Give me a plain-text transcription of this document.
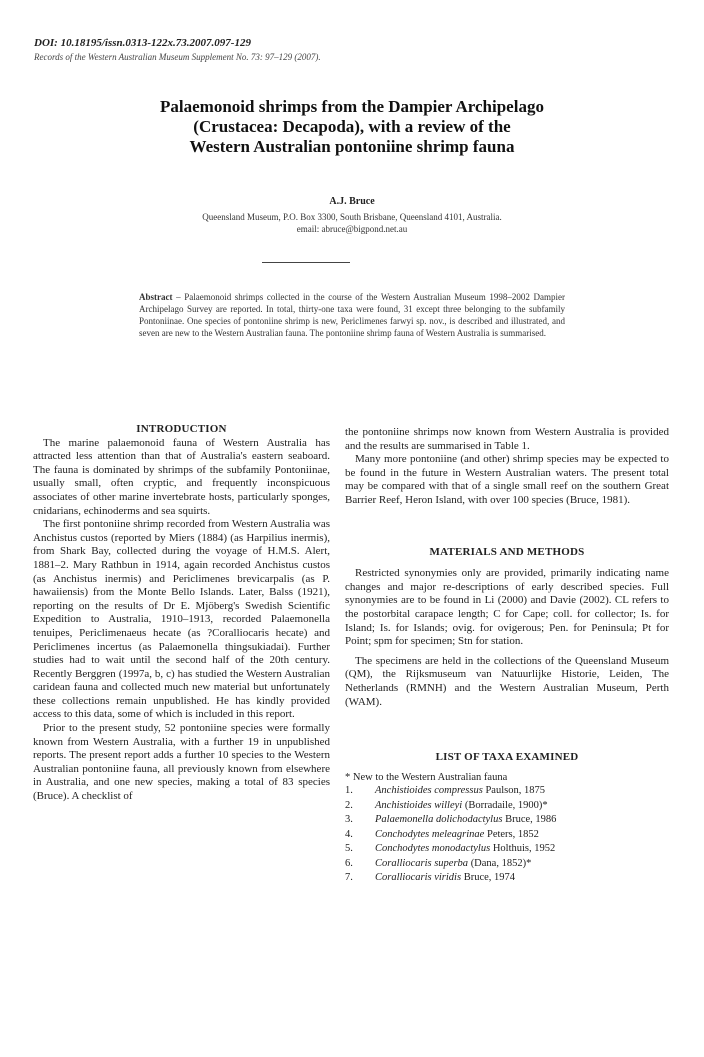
DOI: 10.18195/issn.0313-122x.73.2007.097-129
Records of the Western Australian Museum Supplement No. 73: 97–129 (2007).
Palaemonoid shrimps from the Dampier Archipelago
(Crustacea: Decapoda), with a review of the
Western Australian pontoniine shrimp fauna
A.J. Bruce
Queensland Museum, P.O. Box 3300, South Brisbane, Queensland 4101, Australia.
email: abruce@bigpond.net.au
Abstract – Palaemonoid shrimps collected in the course of the Western Australian Museum 1998–2002 Dampier Archipelago Survey are reported. In total, thirty-one taxa were found, 31 except three belonging to the subfamily Pontoniinae. One species of pontoniine shrimp is new, Periclimenes farwyi sp. nov., is described and illustrated, and seven are new to the Western Australian fauna. The pontoniine shrimp fauna of Western Australia is summarised.

INTRODUCTION

The marine palaemonoid fauna of Western Australia has attracted less attention than that of Australia's eastern seaboard. The fauna is dominated by shrimps of the subfamily Pontoniinae, usually small, often cryptic, and frequently inconspicuous associates of other marine invertebrate hosts, particularly sponges, cnidarians, echinoderms and sea squirts.

The first pontoniine shrimp recorded from Western Australia was Anchistus custos (reported by Miers (1884) (as Harpilius inermis), from Shark Bay, collected during the voyage of H.M.S. Alert, 1881–2. Mary Rathbun in 1914, again recorded Anchistus custos (as Anchistus inermis) and Periclimenes brevicarpalis (as P. hawaiiensis) from the Monte Bello Islands. Later, Balss (1921), reporting on the results of Dr E. Mjöberg's Swedish Scientific Expedition to Australia, 1910–1913, recorded Palaemonella tenuipes, Periclimenaeus hecate (as ?Coralliocaris hecate) and Periclimenes incertus (as Palaemonella thingsukiadai). Further studies had to wait until the second half of the 20th century. Recently Berggren (1997a, b, c) has studied the Western Australian caridean fauna and collected much new material but unfortunately these collections remain unpublished. He has kindly provided access to this data, some of which is included in this report.

Prior to the present study, 52 pontoniine species were formally known from Western Australia, with a further 19 in unpublished reports. The present report adds a further 10 species to the Western Australian pontoniine fauna, all previously known from elsewhere in Australia, and one new species, making a total of 83 species (Bruce). A checklist of

the pontoniine shrimps now known from Western Australia is provided and the results are summarised in Table 1.

Many more pontoniine (and other) shrimp species may be expected to be found in the future in Western Australian waters. The present total may be compared with that of a single small reef on the southern Great Barrier Reef, Heron Island, with over 100 species (Bruce, 1981).

MATERIALS AND METHODS

Restricted synonymies only are provided, primarily indicating name changes and major re-descriptions of early described species. Full synonymies are to be found in Li (2000) and Davie (2002). CL refers to the postorbital carapace length; C for Cape; coll. for collector; Is. for Island; Is. for Islands; ovig. for ovigerous; Pen. for Peninsula; Pt for Point; spm for specimen; Stn for station.

The specimens are held in the collections of the Queensland Museum (QM), the Rijksmuseum van Natuurlijke Historie, Leiden, The Netherlands (RMNH) and the Western Australian Museum, Perth (WAM).

LIST OF TAXA EXAMINED

* New to the Western Australian fauna

1.	Anchistioides compressus Paulson, 1875
2.	Anchistioides willeyi (Borradaile, 1900)*
3.	Palaemonella dolichodactylus Bruce, 1986
4.	Conchodytes meleagrinae Peters, 1852
5.	Conchodytes monodactylus Holthuis, 1952
6.	Coralliocaris superba (Dana, 1852)*
7.	Coralliocaris viridis Bruce, 1974
